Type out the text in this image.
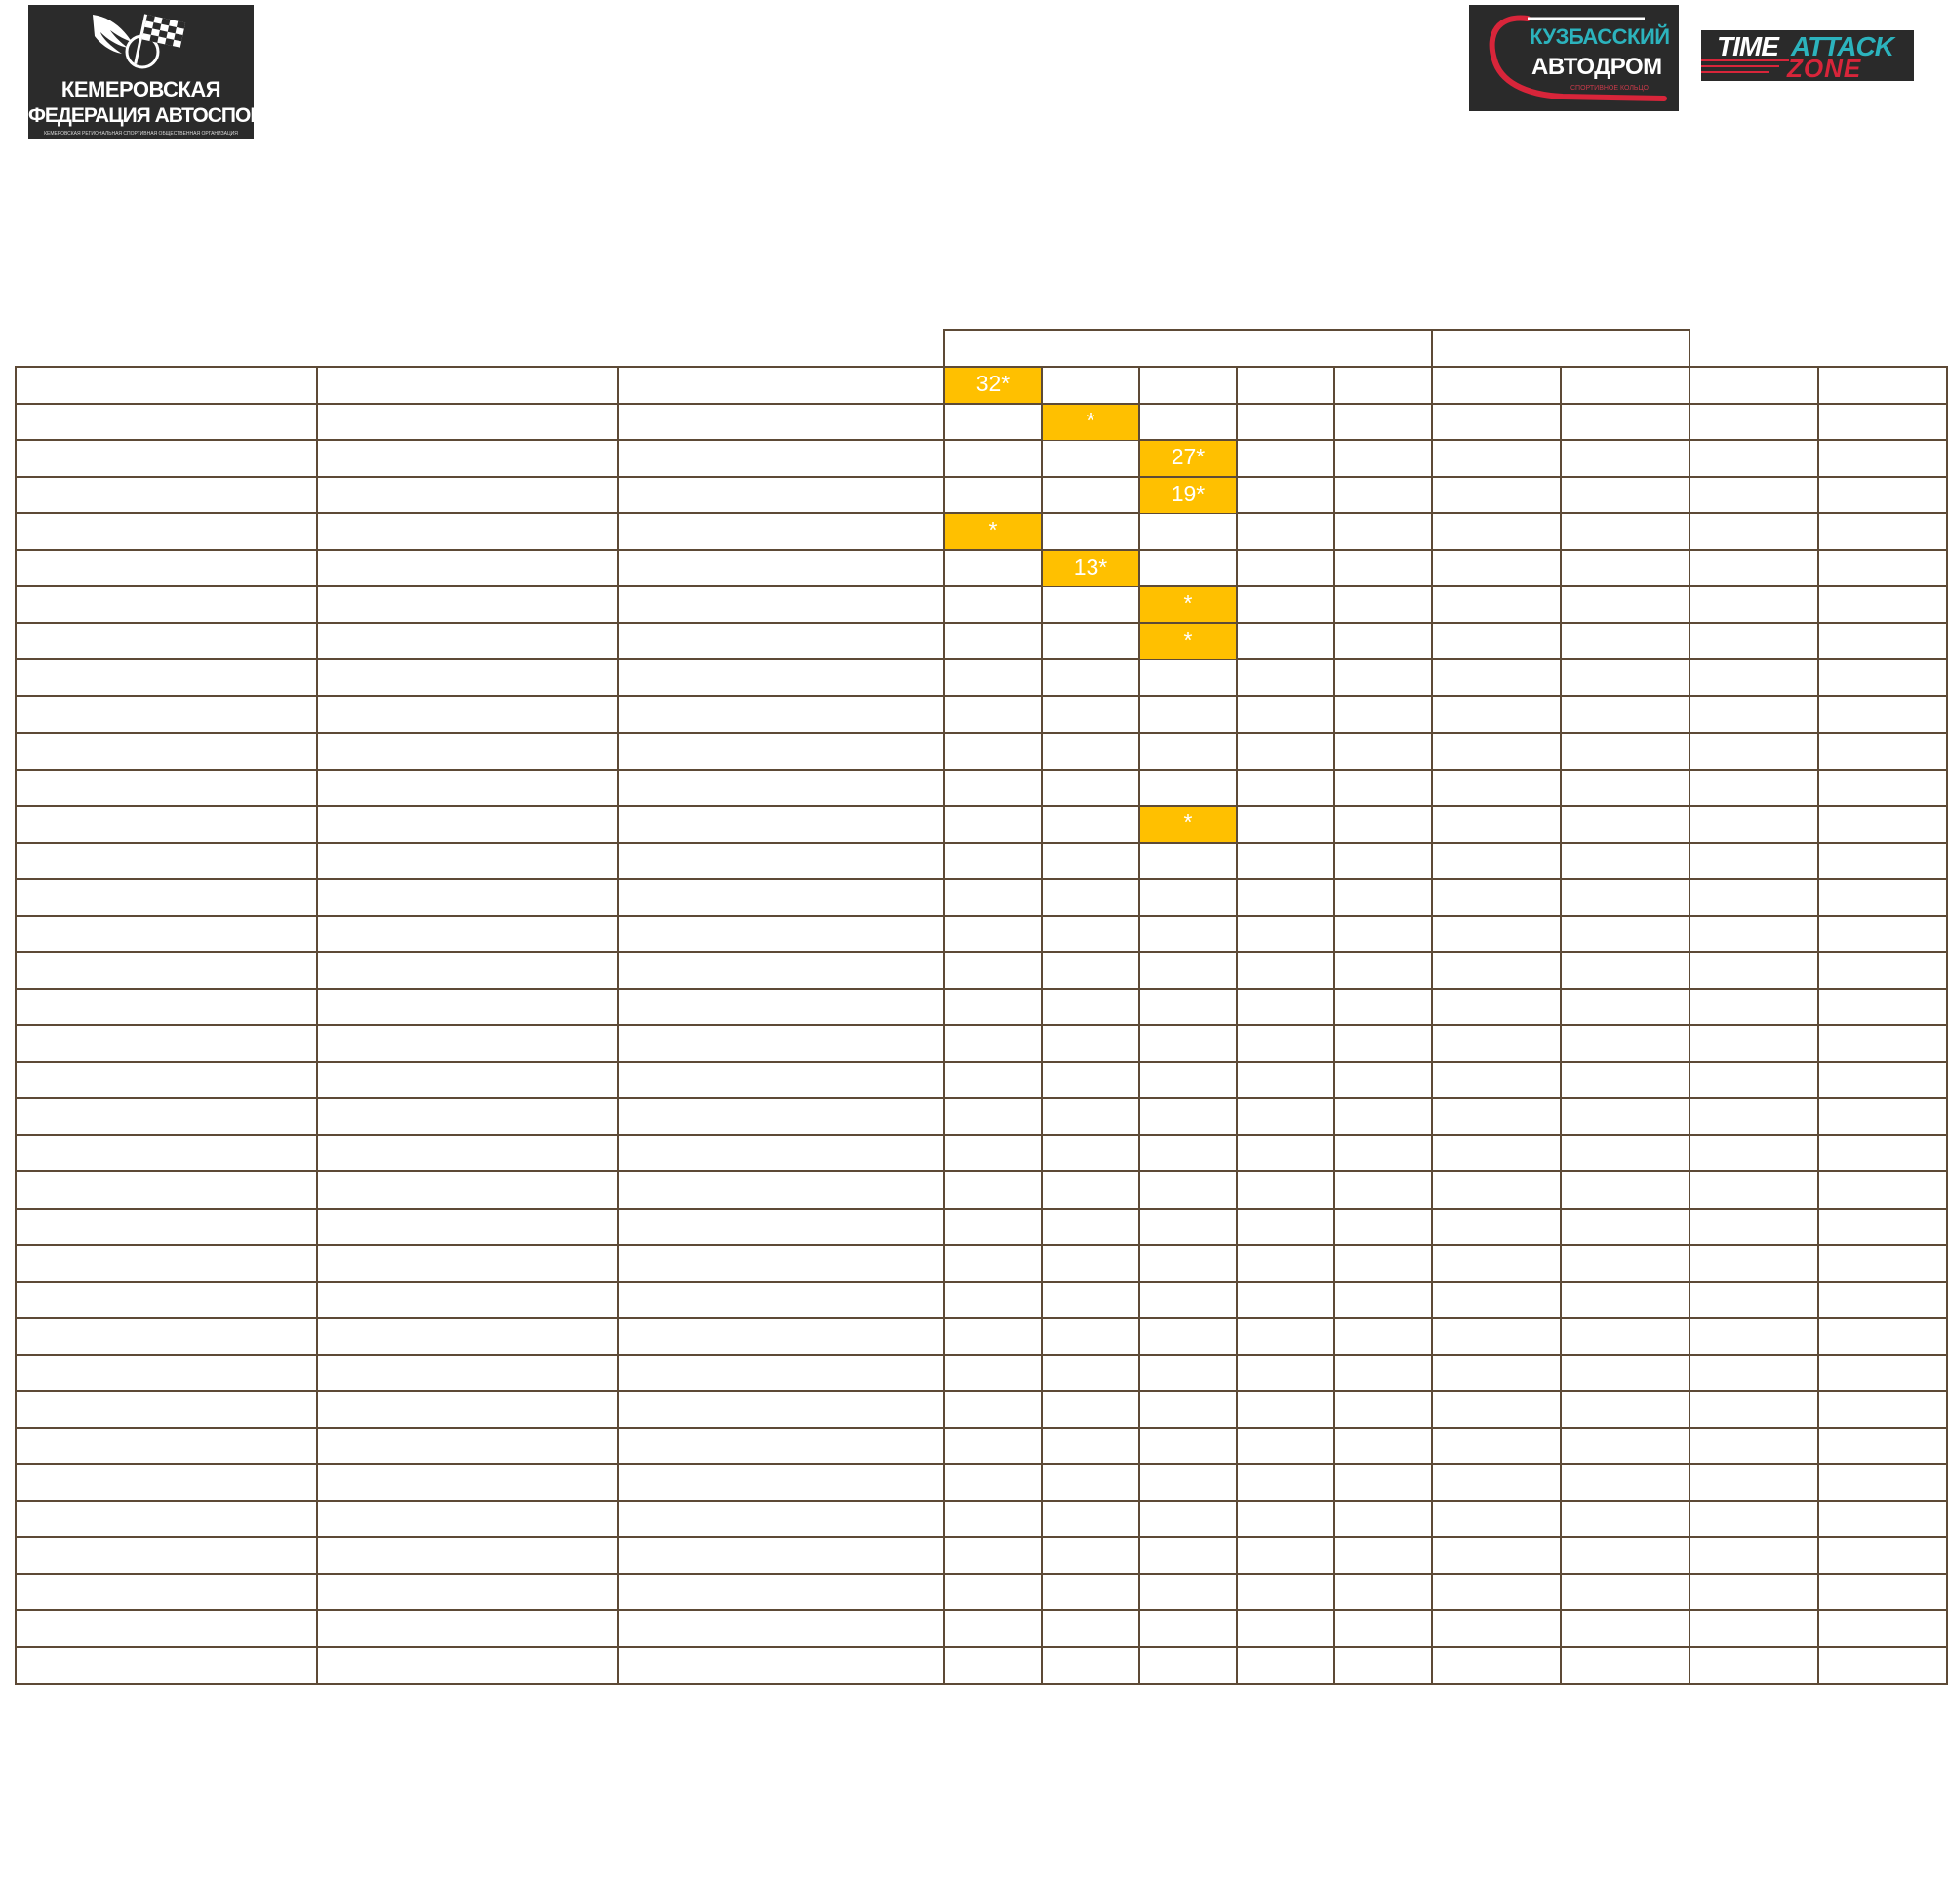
КЕМЕРОВСКАЯ
ФЕДЕРАЦИЯ АВТОСПОРТА
КЕМЕРОВСКАЯ РЕГИОНАЛЬНАЯ СПОРТИВНАЯ ОБЩЕСТВЕННАЯ ОРГАНИЗАЦИЯ
КУЗБАССКИЙ
АВТОДРОМ
СПОРТИВНОЕ КОЛЬЦО
TIME ATTACK
ZONE
32*
*
27*
19*
*
13*
*
*
*
